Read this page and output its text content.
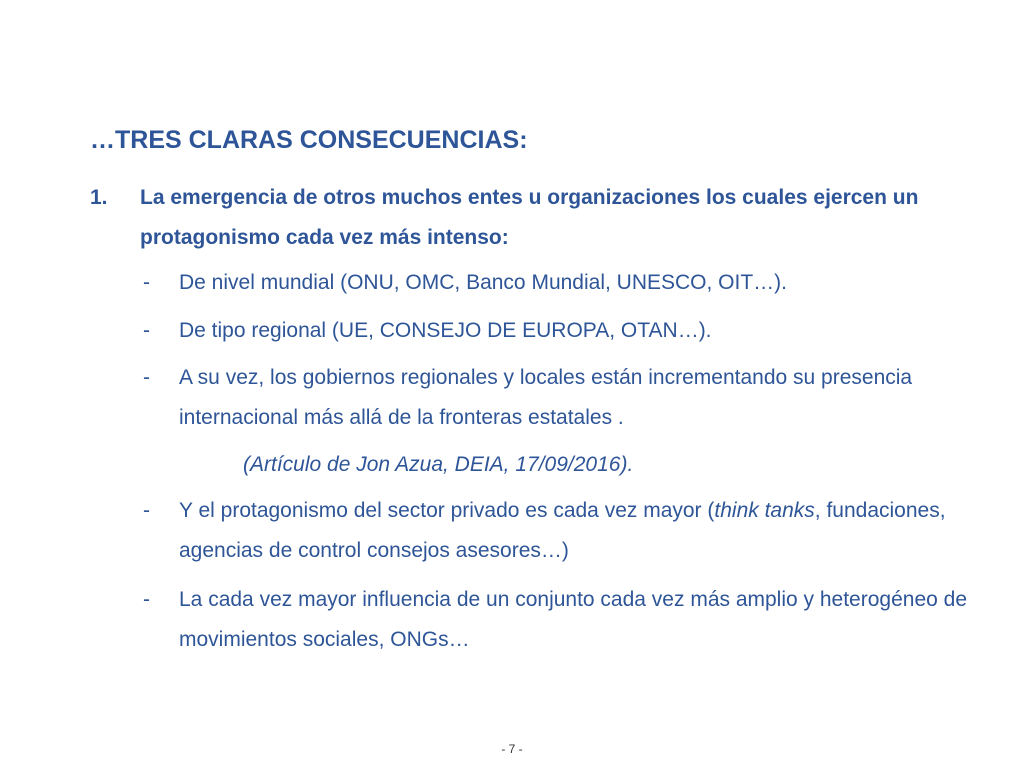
…TRES CLARAS CONSECUENCIAS:
1. La emergencia de otros muchos entes u organizaciones los cuales ejercen un protagonismo cada vez más intenso:
- De nivel mundial (ONU, OMC, Banco Mundial, UNESCO, OIT…).
- De tipo regional (UE, CONSEJO DE EUROPA, OTAN…).
- A su vez, los gobiernos regionales y locales están incrementando su presencia internacional más allá de la fronteras estatales .
(Artículo de Jon Azua, DEIA, 17/09/2016).
- Y el protagonismo del sector privado es cada vez mayor (think tanks, fundaciones, agencias de control consejos asesores…)
- La cada vez mayor influencia de un conjunto cada vez más amplio y heterogéneo de movimientos sociales, ONGs…
- 7 -
